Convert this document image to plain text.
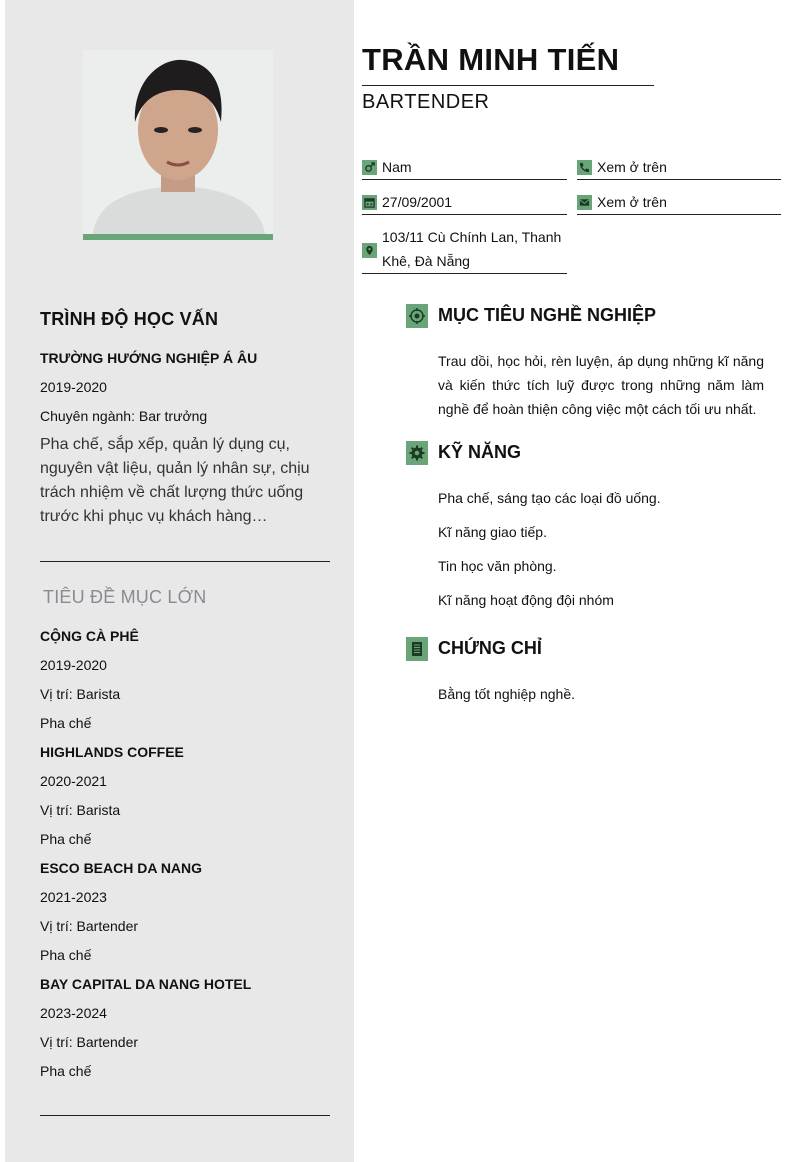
TRÌNH ĐỘ HỌC VẤN
TRƯỜNG HƯỚNG NGHIỆP Á ÂU
2019-2020
Chuyên ngành: Bar trưởng
Pha chế, sắp xếp, quản lý dụng cụ, nguyên vật liệu, quản lý nhân sự, chịu trách nhiệm về chất lượng thức uống trước khi phục vụ khách hàng…
TIÊU ĐỀ MỤC LỚN
CỘNG CÀ PHÊ
2019-2020
Vị trí: Barista
Pha chế
HIGHLANDS COFFEE
2020-2021
Vị trí: Barista
Pha chế
ESCO BEACH DA NANG
2021-2023
Vị trí: Bartender
Pha chế
BAY CAPITAL DA NANG HOTEL
2023-2024
Vị trí: Bartender
Pha chế
TRẦN MINH TIẾN
BARTENDER
Nam	Xem ở trên
27/09/2001	Xem ở trên
103/11 Cù Chính Lan, Thanh Khê, Đà Nẵng
MỤC TIÊU NGHỀ NGHIỆP
Trau dồi, học hỏi, rèn luyện, áp dụng những kĩ năng và kiến thức tích luỹ được trong những năm làm nghề để hoàn thiện công việc một cách tối ưu nhất.
KỸ NĂNG
Pha chế, sáng tạo các loại đồ uống.
Kĩ năng giao tiếp.
Tin học văn phòng.
Kĩ năng hoạt động đội nhóm
CHỨNG CHỈ
Bằng tốt nghiệp nghề.
